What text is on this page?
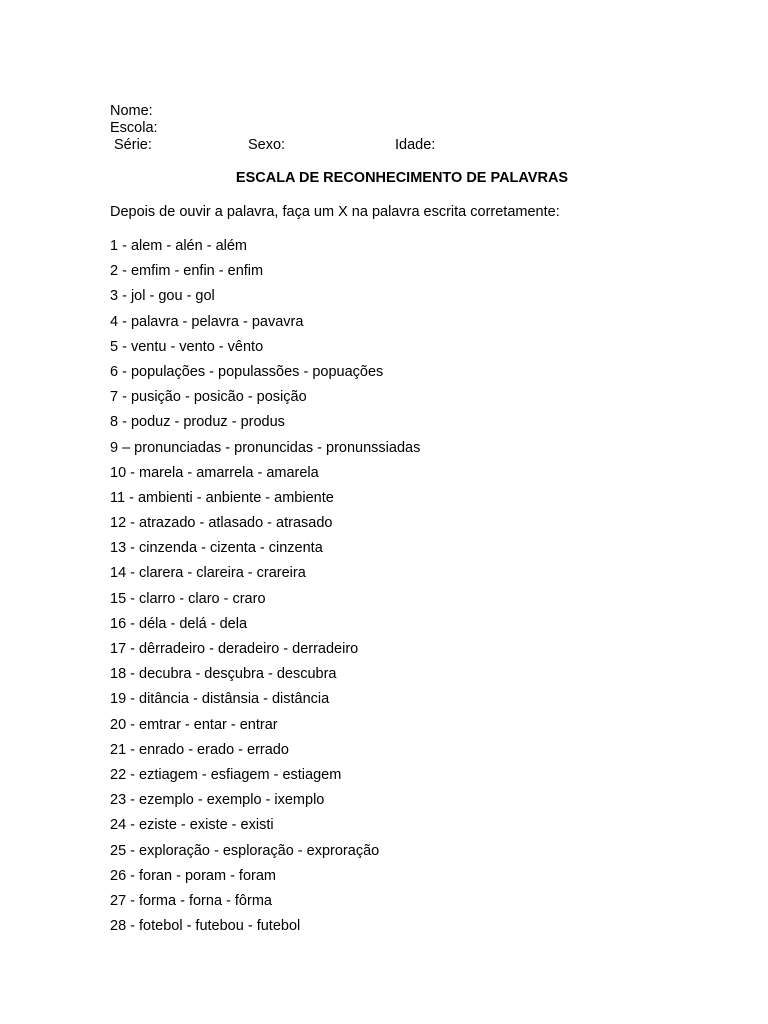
Nome:
Escola:
Série:	Sexo:	Idade:
ESCALA DE RECONHECIMENTO DE PALAVRAS
Depois de ouvir a palavra, faça um X na palavra escrita corretamente:
1 - alem - alén - além
2 - emfim - enfin - enfim
3 - jol - gou - gol
4 - palavra - pelavra - pavavra
5 - ventu - vento - vênto
6 - populações - populassões - popuações
7 - pusição - posicão - posição
8 - poduz - produz - produs
9 – pronunciadas - pronuncidas - pronunssiadas
10 - marela - amarrela - amarela
11 - ambienti - anbiente - ambiente
12 - atrazado - atlasado - atrasado
13 - cinzenda - cizenta - cinzenta
14 - clarera - clareira - crareira
15 - clarro - claro - craro
16 - déla - delá - dela
17 - dêrradeiro - deradeiro - derradeiro
18 - decubra - desçubra - descubra
19 - ditância - distânsia - distância
20 - emtrar - entar - entrar
21 - enrado - erado - errado
22 - eztiagem - esfiagem - estiagem
23 - ezemplo - exemplo - ixemplo
24 - eziste - existe - existi
25 - exploração - esploração - exproração
26 - foran - poram - foram
27 - forma - forna - fôrma
28 - fotebol - futebou - futebol
